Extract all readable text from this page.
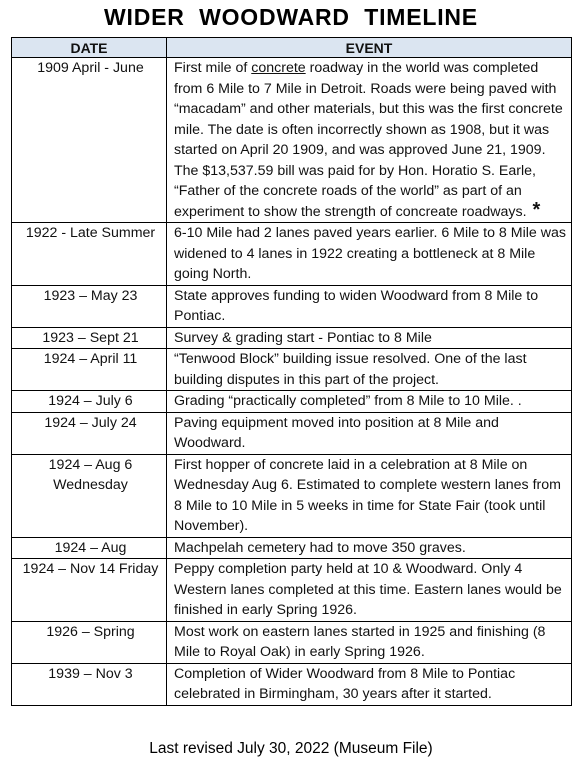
WIDER  WOODWARD  TIMELINE
DATE	EVENT
1909 April - June	First mile of concrete roadway in the world was completed from 6 Mile to 7 Mile in Detroit. Roads were being paved with “macadam” and other materials, but this was the first concrete mile. The date is often incorrectly shown as 1908, but it was started on April 20 1909, and was approved June 21, 1909. The $13,537.59 bill was paid for by Hon. Horatio S. Earle, “Father of the concrete roads of the world” as part of an experiment to show the strength of concreate roadways. *
1922 - Late Summer	6-10 Mile had 2 lanes paved years earlier. 6 Mile to 8 Mile was widened to 4 lanes in 1922 creating a bottleneck at 8 Mile going North.
1923 – May 23	State approves funding to widen Woodward from 8 Mile to Pontiac.
1923 – Sept 21	Survey & grading start - Pontiac to 8 Mile
1924 – April 11	“Tenwood Block” building issue resolved. One of the last building disputes in this part of the project.
1924 – July 6	Grading “practically completed” from 8 Mile to 10 Mile. .
1924 – July 24	Paving equipment moved into position at 8 Mile and Woodward.
1924 – Aug 6 Wednesday	First hopper of concrete laid in a celebration at 8 Mile on Wednesday Aug 6. Estimated to complete western lanes from 8 Mile to 10 Mile in 5 weeks in time for State Fair (took until November).
1924 – Aug	Machpelah cemetery had to move 350 graves.
1924 – Nov 14 Friday	Peppy completion party held at 10 & Woodward. Only 4 Western lanes completed at this time. Eastern lanes would be finished in early Spring 1926.
1926 – Spring	Most work on eastern lanes started in 1925 and finishing (8 Mile to Royal Oak) in early Spring 1926.
1939 – Nov 3	Completion of Wider Woodward from 8 Mile to Pontiac celebrated in Birmingham, 30 years after it started.
Last revised July 30, 2022 (Museum File)
